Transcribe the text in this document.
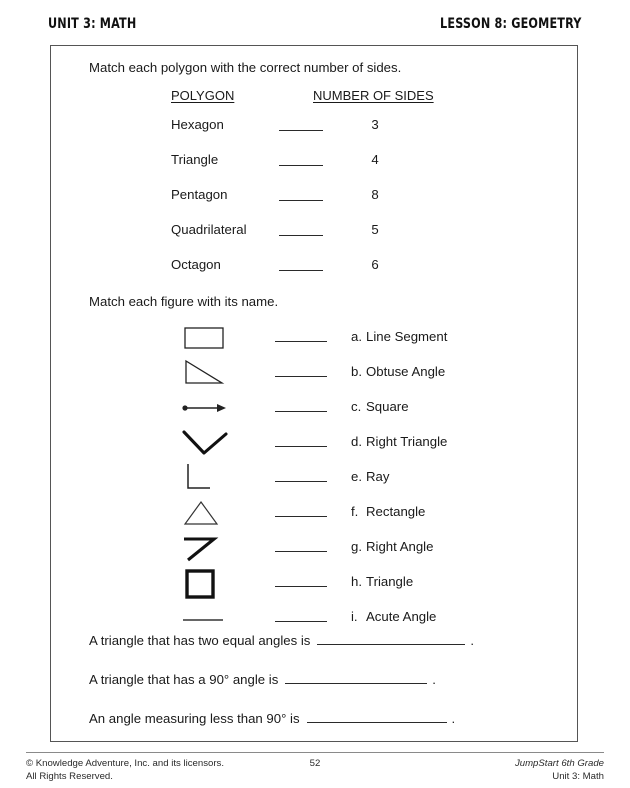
UNIT 3: MATH	LESSON 8: GEOMETRY
Match each polygon with the correct number of sides.
POLYGON	NUMBER OF SIDES
Hexagon	3
Triangle	4
Pentagon	8
Quadrilateral	5
Octagon	6
Match each figure with its name.
a. Line Segment
b. Obtuse Angle
c. Square
d. Right Triangle
e. Ray
f. Rectangle
g. Right Angle
h. Triangle
i. Acute Angle
A triangle that has two equal angles is	.
A triangle that has a 90° angle is	.
An angle measuring less than 90° is	.
© Knowledge Adventure, Inc. and its licensors.
All Rights Reserved.
52	JumpStart 6th Grade
Unit 3: Math
